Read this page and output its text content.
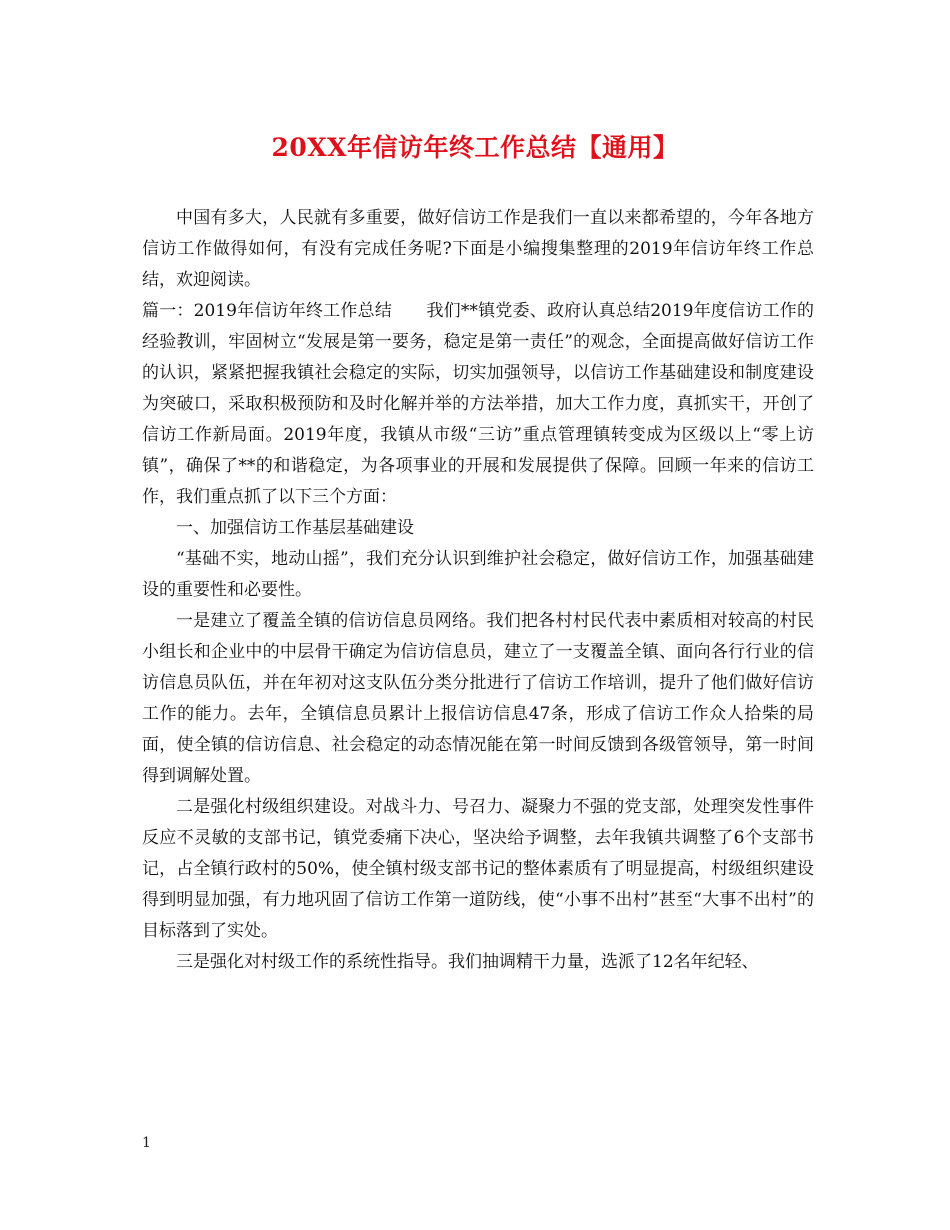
20XX年信访年终工作总结【通用】

中国有多大，人民就有多重要，做好信访工作是我们一直以来都希望的，今年各地方信访工作做得如何，有没有完成任务呢?下面是小编搜集整理的2019年信访年终工作总结，欢迎阅读。

篇一：2019年信访年终工作总结　　我们**镇党委、政府认真总结2019年度信访工作的经验教训，牢固树立“发展是第一要务，稳定是第一责任”的观念，全面提高做好信访工作的认识，紧紧把握我镇社会稳定的实际，切实加强领导，以信访工作基础建设和制度建设为突破口，采取积极预防和及时化解并举的方法举措，加大工作力度，真抓实干，开创了信访工作新局面。2019年度，我镇从市级“三访”重点管理镇转变成为区级以上“零上访镇”，确保了**的和谐稳定，为各项事业的开展和发展提供了保障。回顾一年来的信访工作，我们重点抓了以下三个方面：

一、加强信访工作基层基础建设

“基础不实，地动山摇”，我们充分认识到维护社会稳定，做好信访工作，加强基础建设的重要性和必要性。

一是建立了覆盖全镇的信访信息员网络。我们把各村村民代表中素质相对较高的村民小组长和企业中的中层骨干确定为信访信息员，建立了一支覆盖全镇、面向各行行业的信访信息员队伍，并在年初对这支队伍分类分批进行了信访工作培训，提升了他们做好信访工作的能力。去年，全镇信息员累计上报信访信息47条，形成了信访工作众人拾柴的局面，使全镇的信访信息、社会稳定的动态情况能在第一时间反馈到各级管领导，第一时间得到调解处置。

二是强化村级组织建设。对战斗力、号召力、凝聚力不强的党支部，处理突发性事件反应不灵敏的支部书记，镇党委痛下决心，坚决给予调整，去年我镇共调整了6个支部书记，占全镇行政村的50%，使全镇村级支部书记的整体素质有了明显提高，村级组织建设得到明显加强，有力地巩固了信访工作第一道防线，使“小事不出村”甚至“大事不出村”的目标落到了实处。

三是强化对村级工作的系统性指导。我们抽调精干力量，选派了12名年纪轻、

1
